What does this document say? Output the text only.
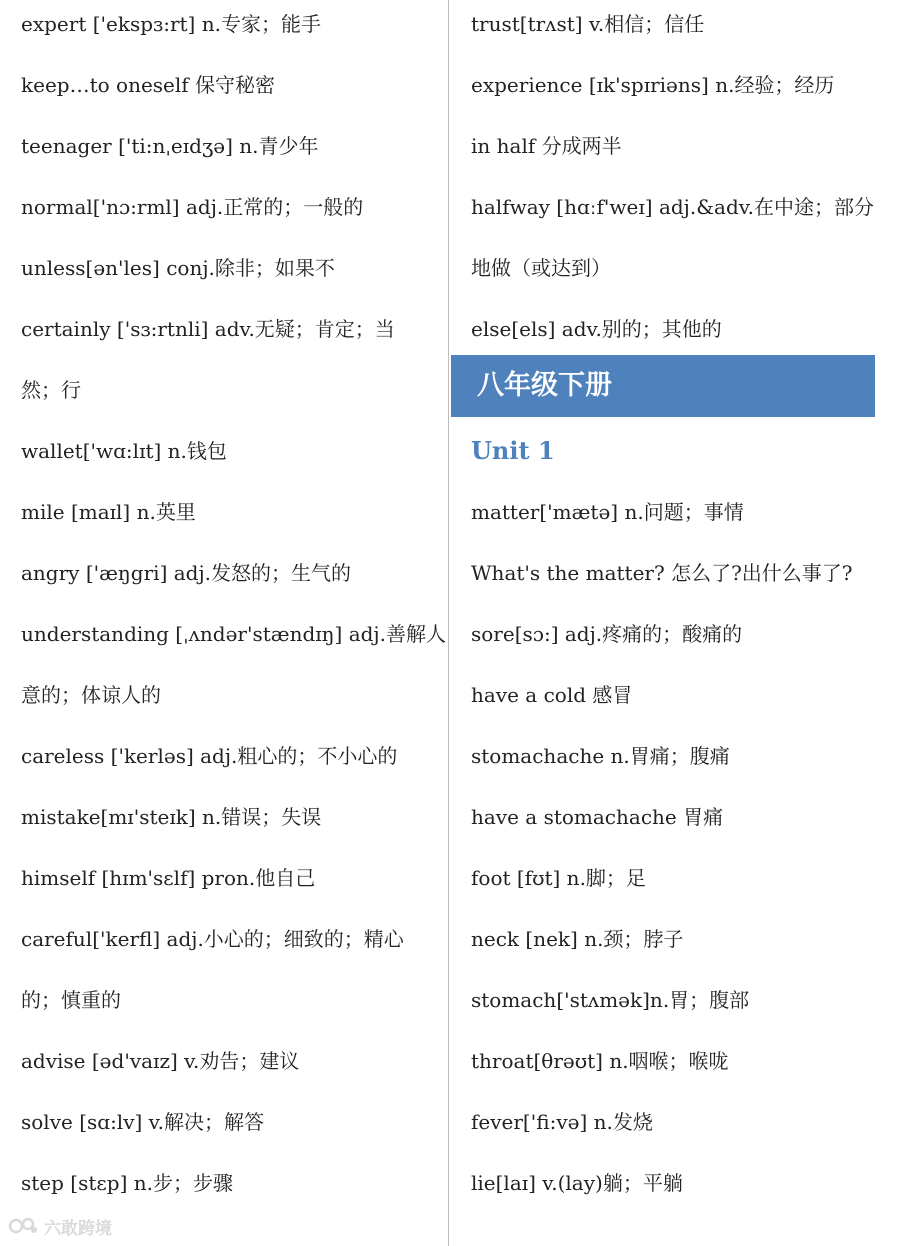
expert ['ekspɜ:rt] n.专家；能手
keep…to oneself 保守秘密
teenager ['ti:nˌeɪdʒə] n.青少年
normal['nɔ:rml] adj.正常的；一般的
unless[ən'les] conj.除非；如果不
certainly ['sɜ:rtnli] adv.无疑；肯定；当
然；行
wallet['wɑ:lɪt] n.钱包
mile [maɪl] n.英里
angry ['æŋgri] adj.发怒的；生气的
understanding [ˌʌndər'stændɪŋ] adj.善解人
意的；体谅人的
careless ['kerləs] adj.粗心的；不小心的
mistake[mɪ'steɪk] n.错误；失误
himself [hɪm'sɛlf] pron.他自己
careful['kerfl] adj.小心的；细致的；精心
的；慎重的
advise [əd'vaɪz] v.劝告；建议
solve [sɑ:lv] v.解决；解答
step [stɛp] n.步；步骤
trust[trʌst] v.相信；信任
experience [ɪk'spɪriəns] n.经验；经历
in half 分成两半
halfway [hɑːf'weɪ] adj.&adv.在中途；部分
地做（或达到）
else[els] adv.别的；其他的
Unit 1
matter['mætə] n.问题；事情
What's the matter? 怎么了?出什么事了?
sore[sɔ:] adj.疼痛的；酸痛的
have a cold 感冒
stomachache n.胃痛；腹痛
have a stomachache 胃痛
foot [fʊt] n.脚；足
neck [nek] n.颈；脖子
stomach['stʌmək]n.胃；腹部
throat[θrəʊt] n.咽喉；喉咙
fever['fi:və] n.发烧
lie[laɪ] v.(lay)躺；平躺
八年级下册
六敢跨境
